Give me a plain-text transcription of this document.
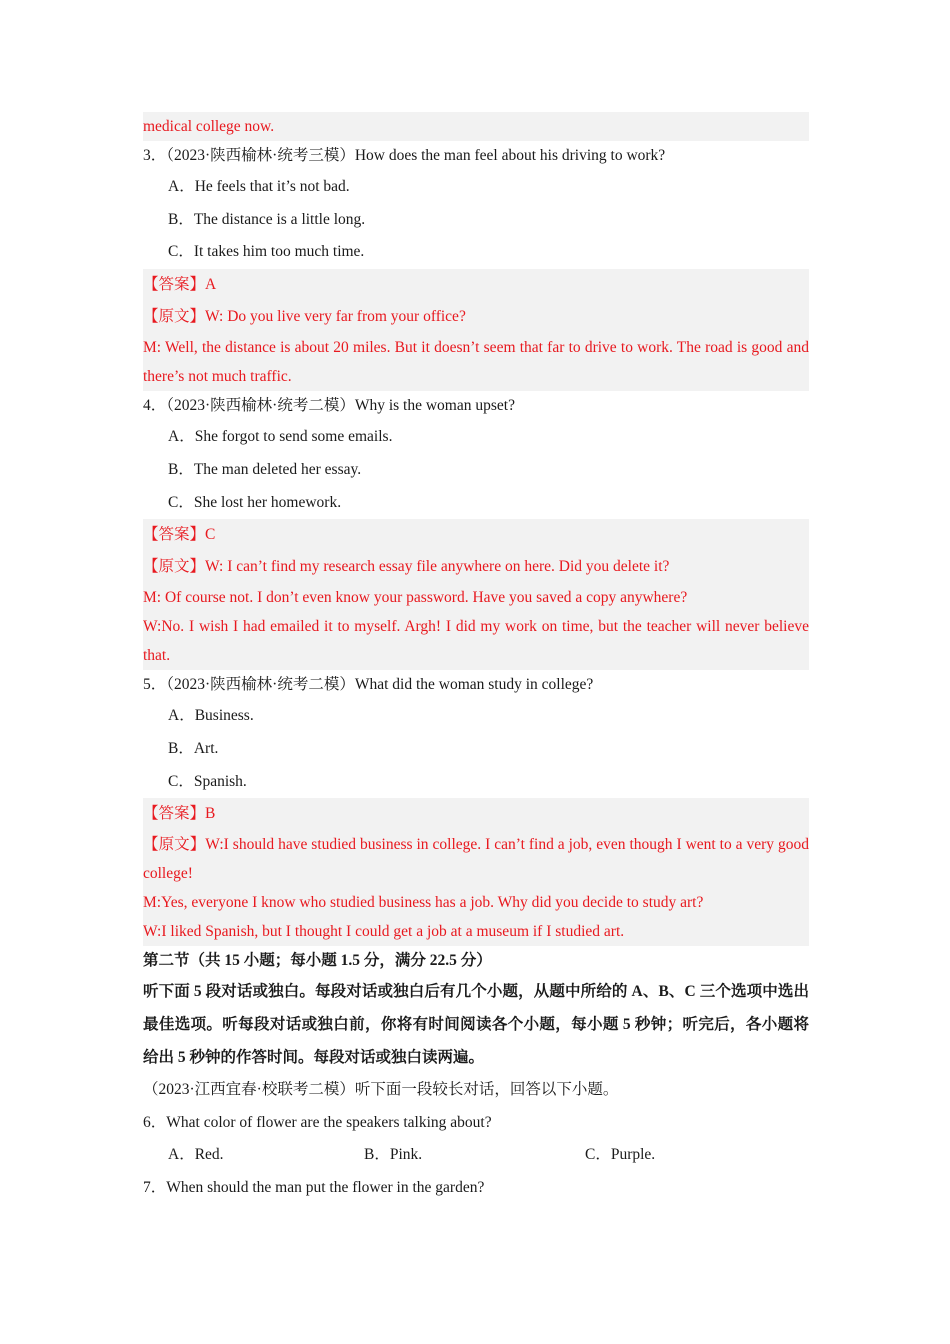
medical college now.
3．（2023·陕西榆林·统考三模）How does the man feel about his driving to work?
A．He feels that it’s not bad.
B．The distance is a little long.
C．It takes him too much time.
【答案】A
【原文】W: Do you live very far from your office?
M: Well, the distance is about 20 miles. But it doesn’t seem that far to drive to work. The road is good and there’s not much traffic.
4．（2023·陕西榆林·统考二模）Why is the woman upset?
A．She forgot to send some emails.
B．The man deleted her essay.
C．She lost her homework.
【答案】C
【原文】W: I can’t find my research essay file anywhere on here. Did you delete it?
M: Of course not. I don’t even know your password. Have you saved a copy anywhere?
W:No. I wish I had emailed it to myself. Argh! I did my work on time, but the teacher will never believe that.
5．（2023·陕西榆林·统考二模）What did the woman study in college?
A．Business.
B．Art.
C．Spanish.
【答案】B
【原文】W:I should have studied business in college. I can’t find a job, even though I went to a very good college!
M:Yes, everyone I know who studied business has a job. Why did you decide to study art?
W:I liked Spanish, but I thought I could get a job at a museum if I studied art.
第二节（共 15 小题；每小题 1.5 分，满分 22.5 分）
听下面 5 段对话或独白。每段对话或独白后有几个小题，从题中所给的 A、B、C 三个选项中选出最佳选项。听每段对话或独白前，你将有时间阅读各个小题，每小题 5 秒钟；听完后，各小题将给出 5 秒钟的作答时间。每段对话或独白读两遍。
（2023·江西宜春·校联考二模）听下面一段较长对话，回答以下小题。
6．What color of flower are the speakers talking about?
A．Red.	B．Pink.	C．Purple.
7．When should the man put the flower in the garden?
